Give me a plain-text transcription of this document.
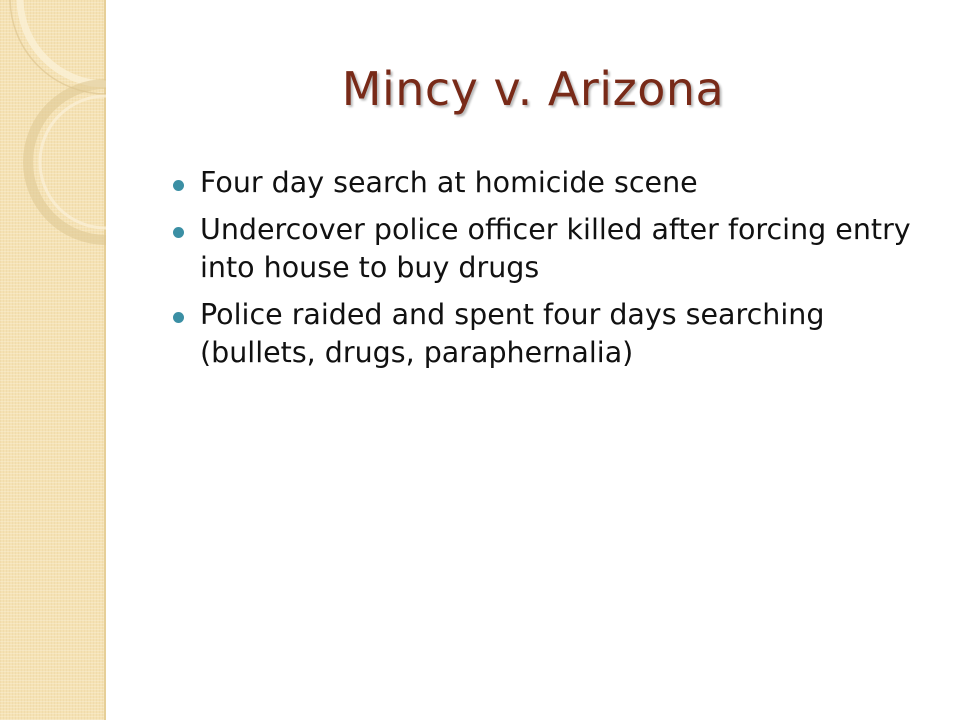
Mincy v. Arizona
Four day search at homicide scene
Undercover police officer killed after forcing entry into house to buy drugs
Police raided and spent four days searching (bullets, drugs, paraphernalia)
